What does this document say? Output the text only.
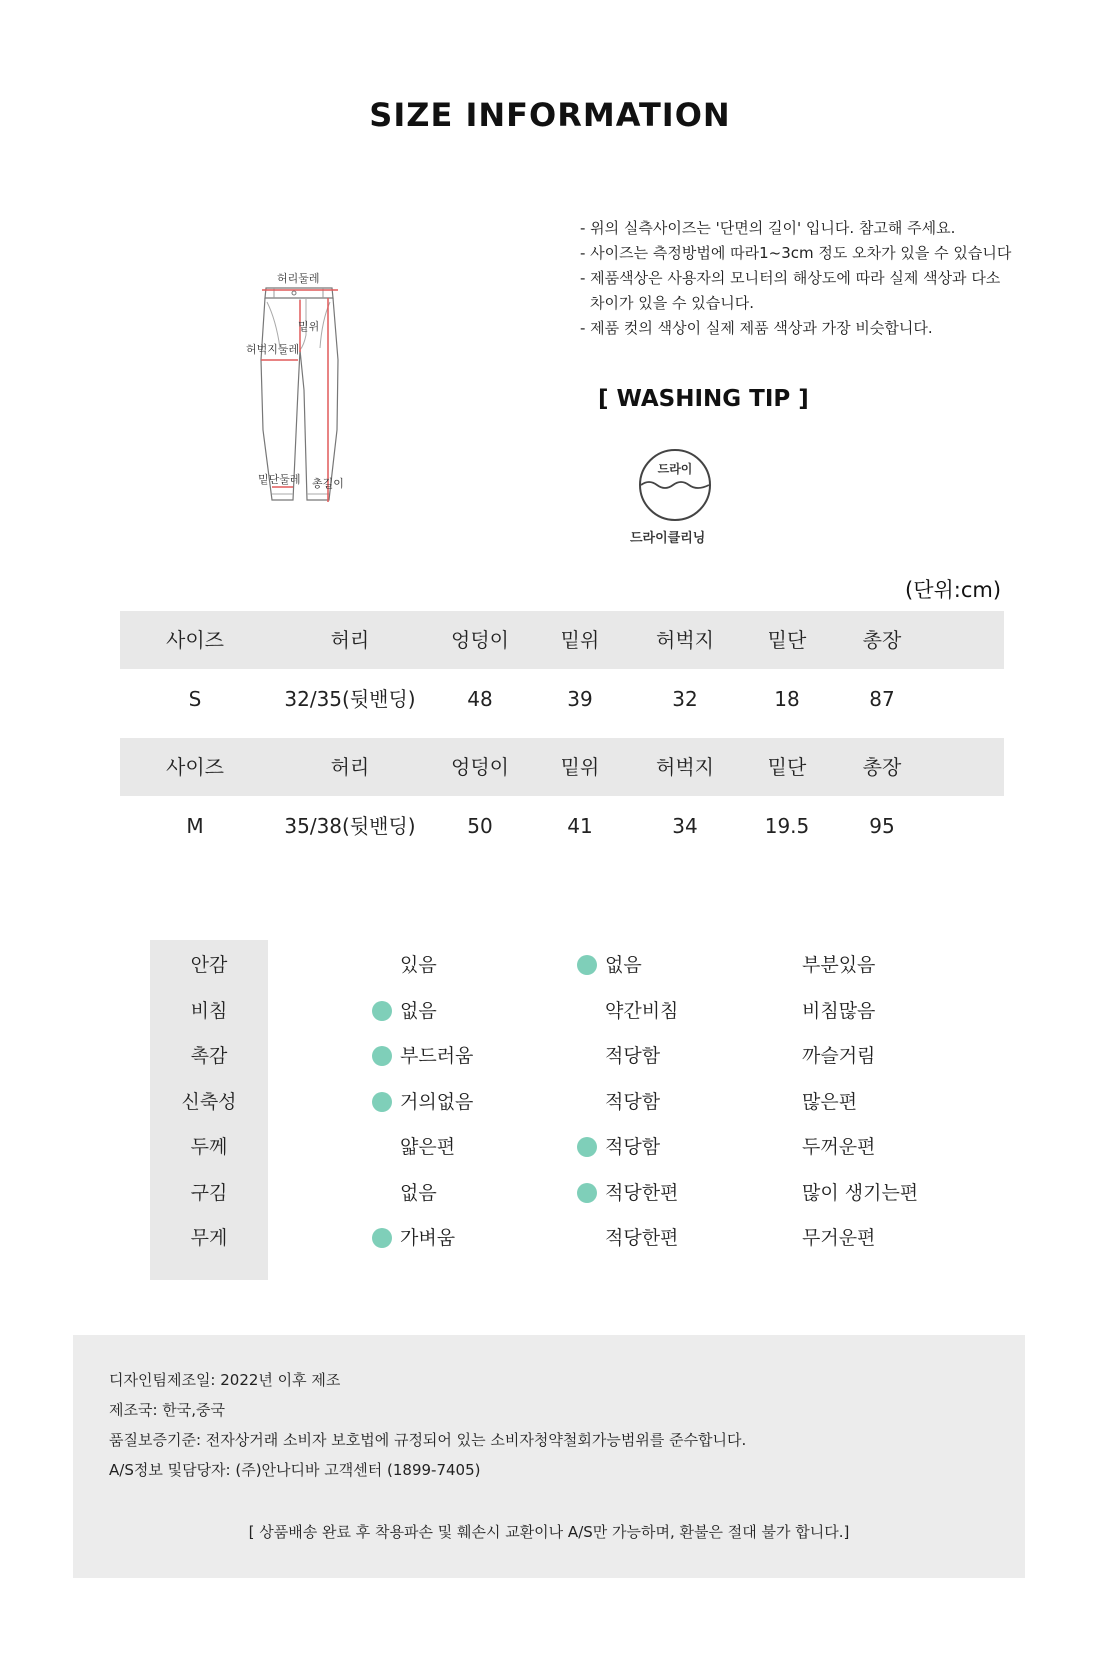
SIZE INFORMATION
허리둘레
밑위
허벅지둘레
밑단둘레 총길이
- 위의 실측사이즈는 '단면의 길이' 입니다. 참고해 주세요.
- 사이즈는 측정방법에 따라1~3cm 정도 오차가 있을 수 있습니다
- 제품색상은 사용자의 모니터의 해상도에 따라 실제 색상과 다소
차이가 있을 수 있습니다.
- 제품 컷의 색상이 실제 제품 색상과 가장 비슷합니다.
[ WASHING TIP ]
드라이
드라이클리닝
(단위:cm)
사이즈	허리	엉덩이	밑위	허벅지	밑단	총장
S	32/35(뒷밴딩)	48	39	32	18	87
사이즈	허리	엉덩이	밑위	허벅지	밑단	총장
M	35/38(뒷밴딩)	50	41	34	19.5	95
안감	있음	없음	부분있음
비침	없음	약간비침	비침많음
촉감	부드러움	적당함	까슬거림
신축성	거의없음	적당함	많은편
두께	얇은편	적당함	두꺼운편
구김	없음	적당한편	많이 생기는편
무게	가벼움	적당한편	무거운편
디자인팀제조일: 2022년 이후 제조
제조국: 한국,중국
품질보증기준: 전자상거래 소비자 보호법에 규정되어 있는 소비자청약철회가능범위를 준수합니다.
A/S정보 및담당자: (주)안나디바 고객센터 (1899-7405)
[ 상품배송 완료 후 착용파손 및 훼손시 교환이나 A/S만 가능하며, 환불은 절대 불가 합니다.]
